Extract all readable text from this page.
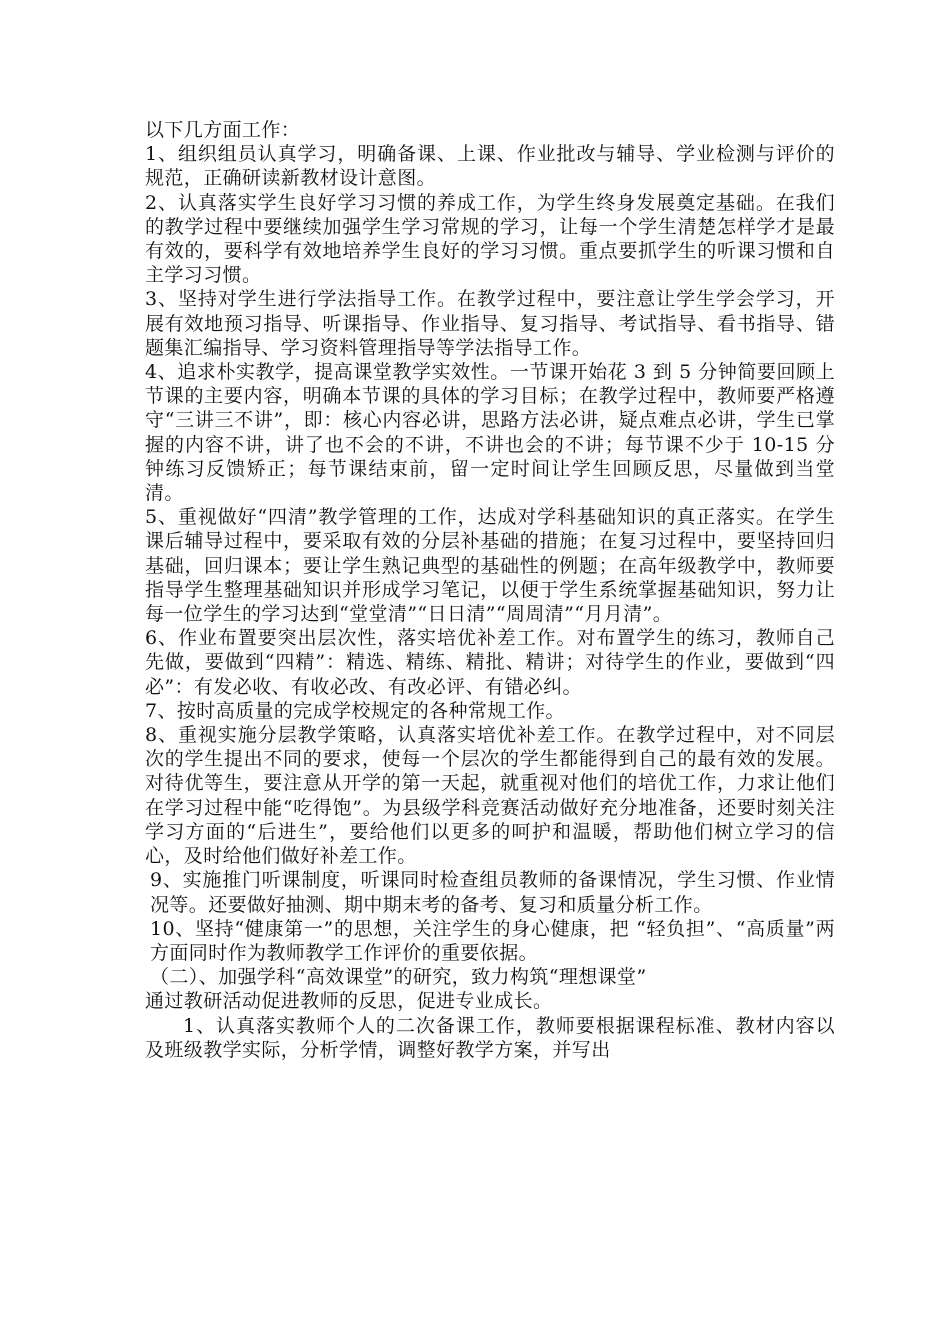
以下几方面工作：

1、组织组员认真学习，明确备课、上课、作业批改与辅导、学业检测与评价的规范，正确研读新教材设计意图。

2、认真落实学生良好学习习惯的养成工作，为学生终身发展奠定基础。在我们的教学过程中要继续加强学生学习常规的学习，让每一个学生清楚怎样学才是最有效的，要科学有效地培养学生良好的学习习惯。重点要抓学生的听课习惯和自主学习习惯。

3、坚持对学生进行学法指导工作。在教学过程中，要注意让学生学会学习，开展有效地预习指导、听课指导、作业指导、复习指导、考试指导、看书指导、错题集汇编指导、学习资料管理指导等学法指导工作。

4、追求朴实教学，提高课堂教学实效性。一节课开始花 3 到 5 分钟简要回顾上节课的主要内容，明确本节课的具体的学习目标；在教学过程中，教师要严格遵守“三讲三不讲”，即：核心内容必讲，思路方法必讲，疑点难点必讲，学生已掌握的内容不讲，讲了也不会的不讲，不讲也会的不讲；每节课不少于 10-15 分钟练习反馈矫正；每节课结束前，留一定时间让学生回顾反思，尽量做到当堂清。

5、重视做好“四清”教学管理的工作，达成对学科基础知识的真正落实。在学生课后辅导过程中，要采取有效的分层补基础的措施；在复习过程中，要坚持回归基础，回归课本；要让学生熟记典型的基础性的例题；在高年级教学中，教师要指导学生整理基础知识并形成学习笔记，以便于学生系统掌握基础知识，努力让每一位学生的学习达到“堂堂清”“日日清”“周周清”“月月清”。

6、作业布置要突出层次性，落实培优补差工作。对布置学生的练习，教师自己先做，要做到“四精”：精选、精练、精批、精讲；对待学生的作业，要做到“四必”：有发必收、有收必改、有改必评、有错必纠。

7、按时高质量的完成学校规定的各种常规工作。

8、重视实施分层教学策略，认真落实培优补差工作。在教学过程中，对不同层次的学生提出不同的要求，使每一个层次的学生都能得到自己的最有效的发展。对待优等生，要注意从开学的第一天起，就重视对他们的培优工作，力求让他们在学习过程中能“吃得饱”。为县级学科竞赛活动做好充分地准备，还要时刻关注学习方面的“后进生”，要给他们以更多的呵护和温暖，帮助他们树立学习的信心，及时给他们做好补差工作。

9、实施推门听课制度，听课同时检查组员教师的备课情况，学生习惯、作业情况等。还要做好抽测、期中期末考的备考、复习和质量分析工作。

10、坚持“健康第一”的思想，关注学生的身心健康，把 “轻负担”、“高质量”两方面同时作为教师教学工作评价的重要依据。

（二）、加强学科“高效课堂”的研究，致力构筑“理想课堂”

通过教研活动促进教师的反思，促进专业成长。

1、认真落实教师个人的二次备课工作，教师要根据课程标准、教材内容以及班级教学实际，分析学情，调整好教学方案，并写出
